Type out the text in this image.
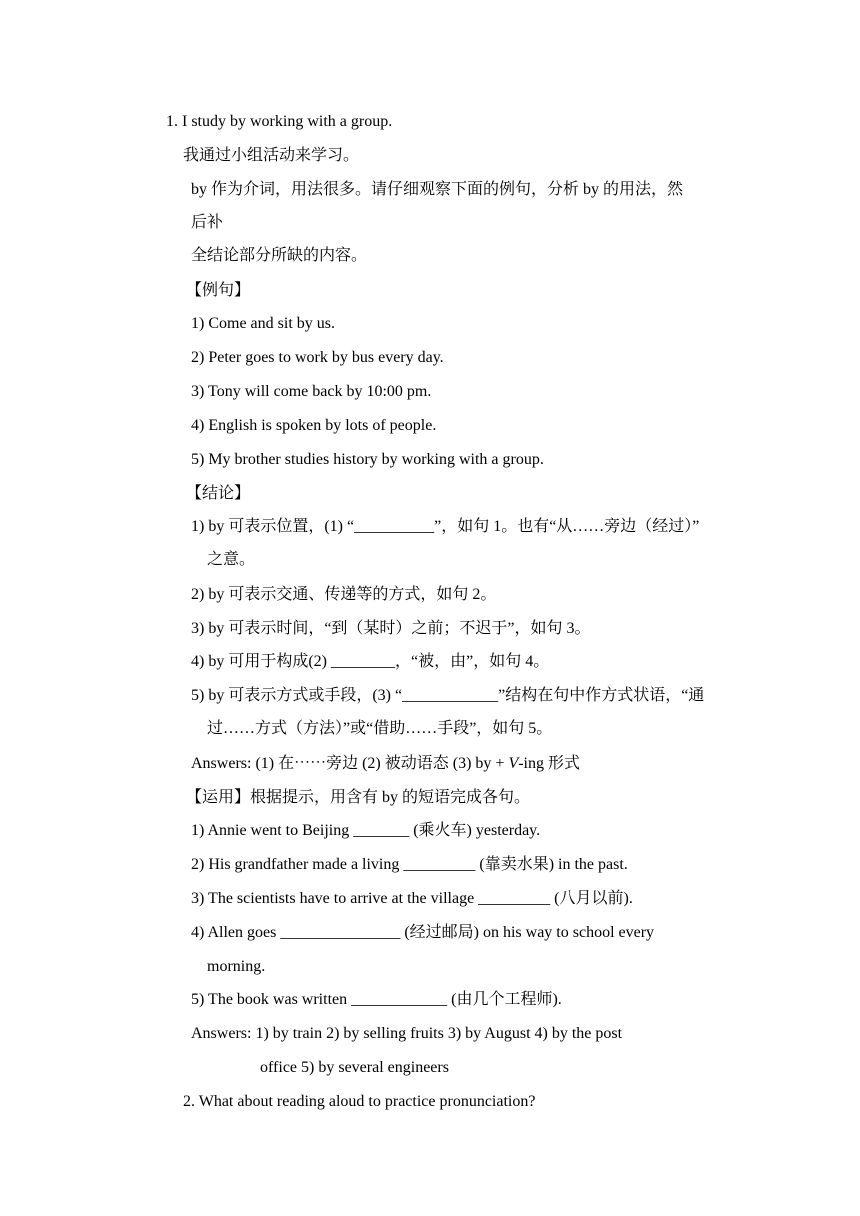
1. I study by working with a group.
我通过小组活动来学习。
by 作为介词，用法很多。请仔细观察下面的例句，分析 by 的用法，然
后补
全结论部分所缺的内容。
【例句】
1) Come and sit by us.
2) Peter goes to work by bus every day.
3) Tony will come back by 10:00 pm.
4) English is spoken by lots of people.
5) My brother studies history by working with a group.
【结论】
1) by 可表示位置，(1) “__________”，如句 1。也有“从……旁边（经过）”
之意。
2) by 可表示交通、传递等的方式，如句 2。
3) by 可表示时间，“到（某时）之前；不迟于”，如句 3。
4) by 可用于构成(2) ________，“被，由”，如句 4。
5) by 可表示方式或手段，(3) “____________”结构在句中作方式状语，“通
过……方式（方法）”或“借助……手段”，如句 5。
Answers: (1) 在⋯⋯旁边 (2) 被动语态 (3) by + V-ing 形式
【运用】根据提示，用含有 by 的短语完成各句。
1) Annie went to Beijing _______ (乘火车) yesterday.
2) His grandfather made a living _________ (靠卖水果) in the past.
3) The scientists have to arrive at the village _________ (八月以前).
4) Allen goes _______________ (经过邮局) on his way to school every
morning.
5) The book was written ____________ (由几个工程师).
Answers: 1) by train 2) by selling fruits 3) by August 4) by the post
office 5) by several engineers
2. What about reading aloud to practice pronunciation?
